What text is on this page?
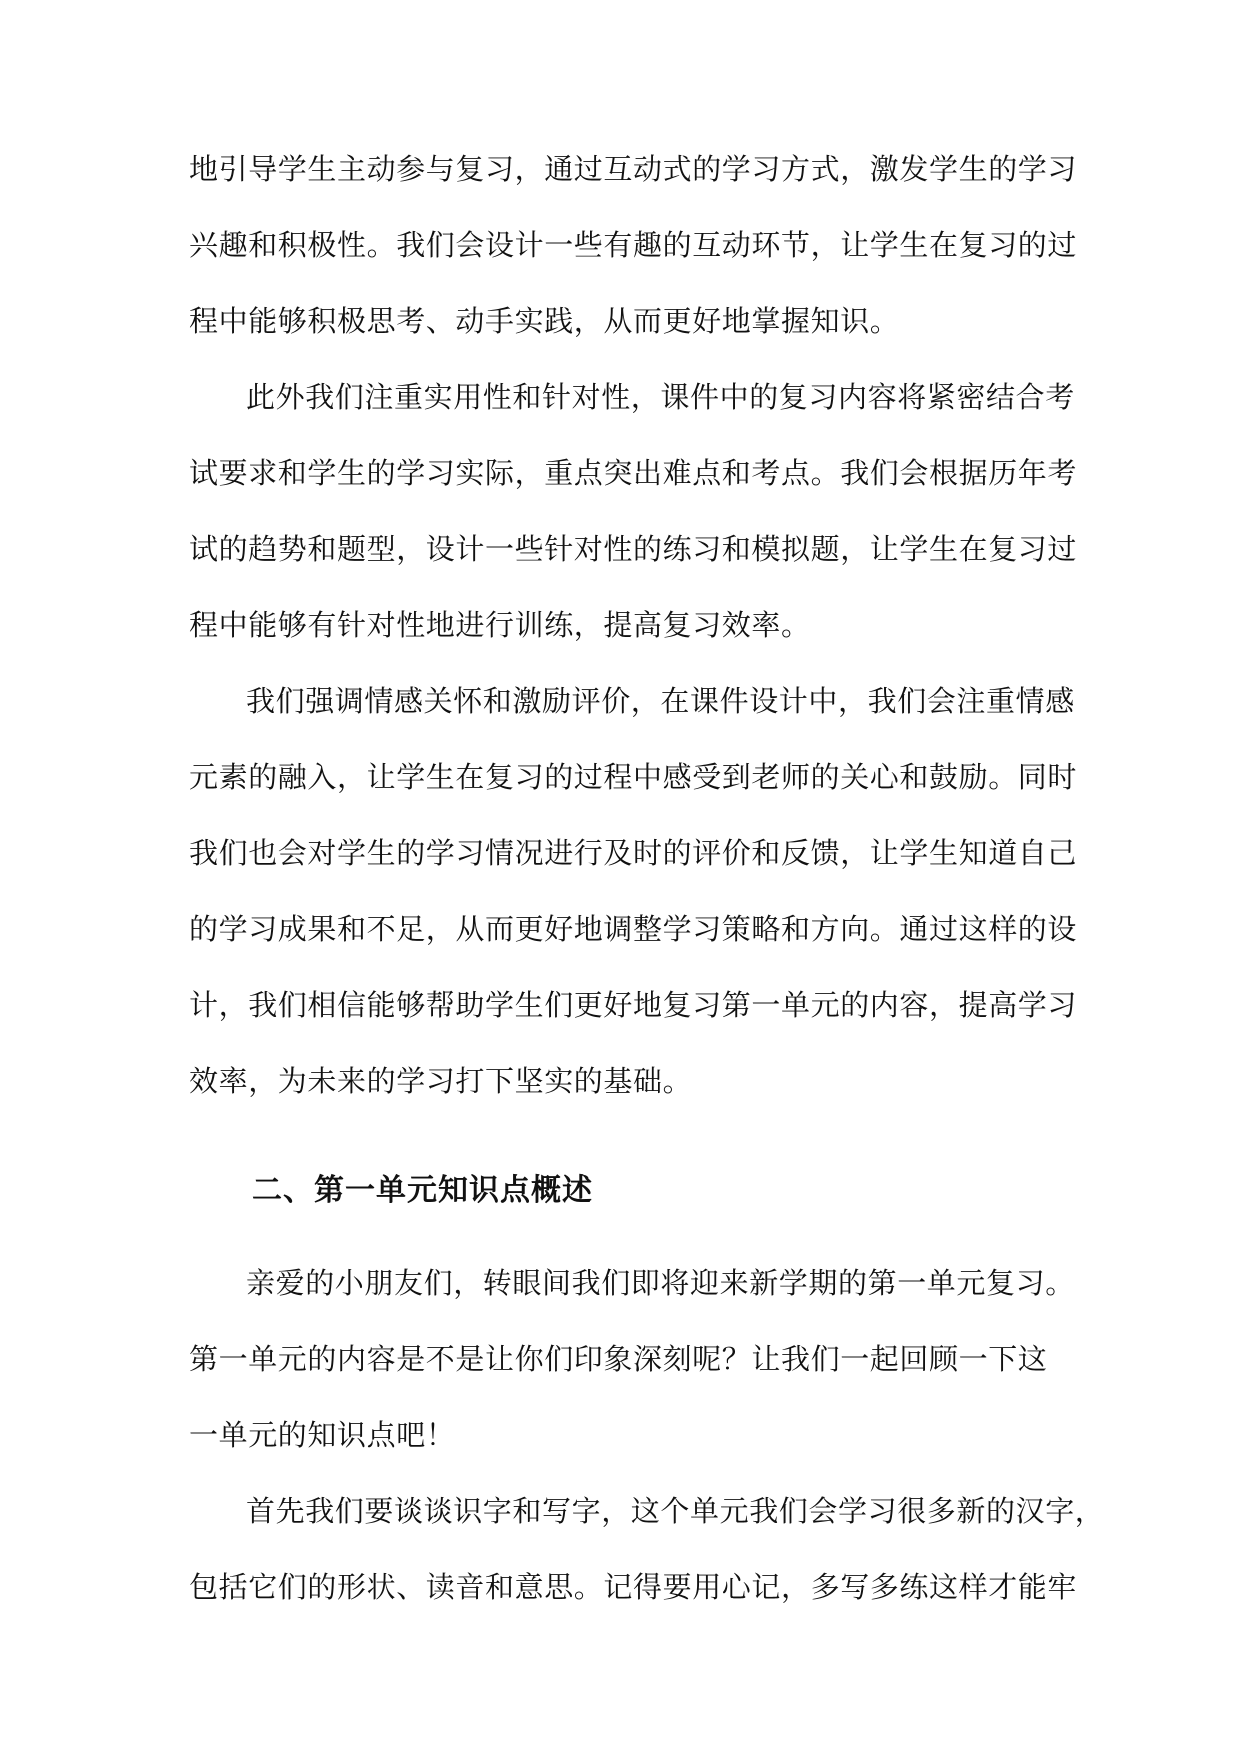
地引导学生主动参与复习，通过互动式的学习方式，激发学生的学习
兴趣和积极性。我们会设计一些有趣的互动环节，让学生在复习的过
程中能够积极思考、动手实践，从而更好地掌握知识。
此外我们注重实用性和针对性，课件中的复习内容将紧密结合考
试要求和学生的学习实际，重点突出难点和考点。我们会根据历年考
试的趋势和题型，设计一些针对性的练习和模拟题，让学生在复习过
程中能够有针对性地进行训练，提高复习效率。
我们强调情感关怀和激励评价，在课件设计中，我们会注重情感
元素的融入，让学生在复习的过程中感受到老师的关心和鼓励。同时
我们也会对学生的学习情况进行及时的评价和反馈，让学生知道自己
的学习成果和不足，从而更好地调整学习策略和方向。通过这样的设
计，我们相信能够帮助学生们更好地复习第一单元的内容，提高学习
效率，为未来的学习打下坚实的基础。
二、第一单元知识点概述
亲爱的小朋友们，转眼间我们即将迎来新学期的第一单元复习。
第一单元的内容是不是让你们印象深刻呢？让我们一起回顾一下这
一单元的知识点吧！
首先我们要谈谈识字和写字，这个单元我们会学习很多新的汉字，
包括它们的形状、读音和意思。记得要用心记，多写多练这样才能牢
